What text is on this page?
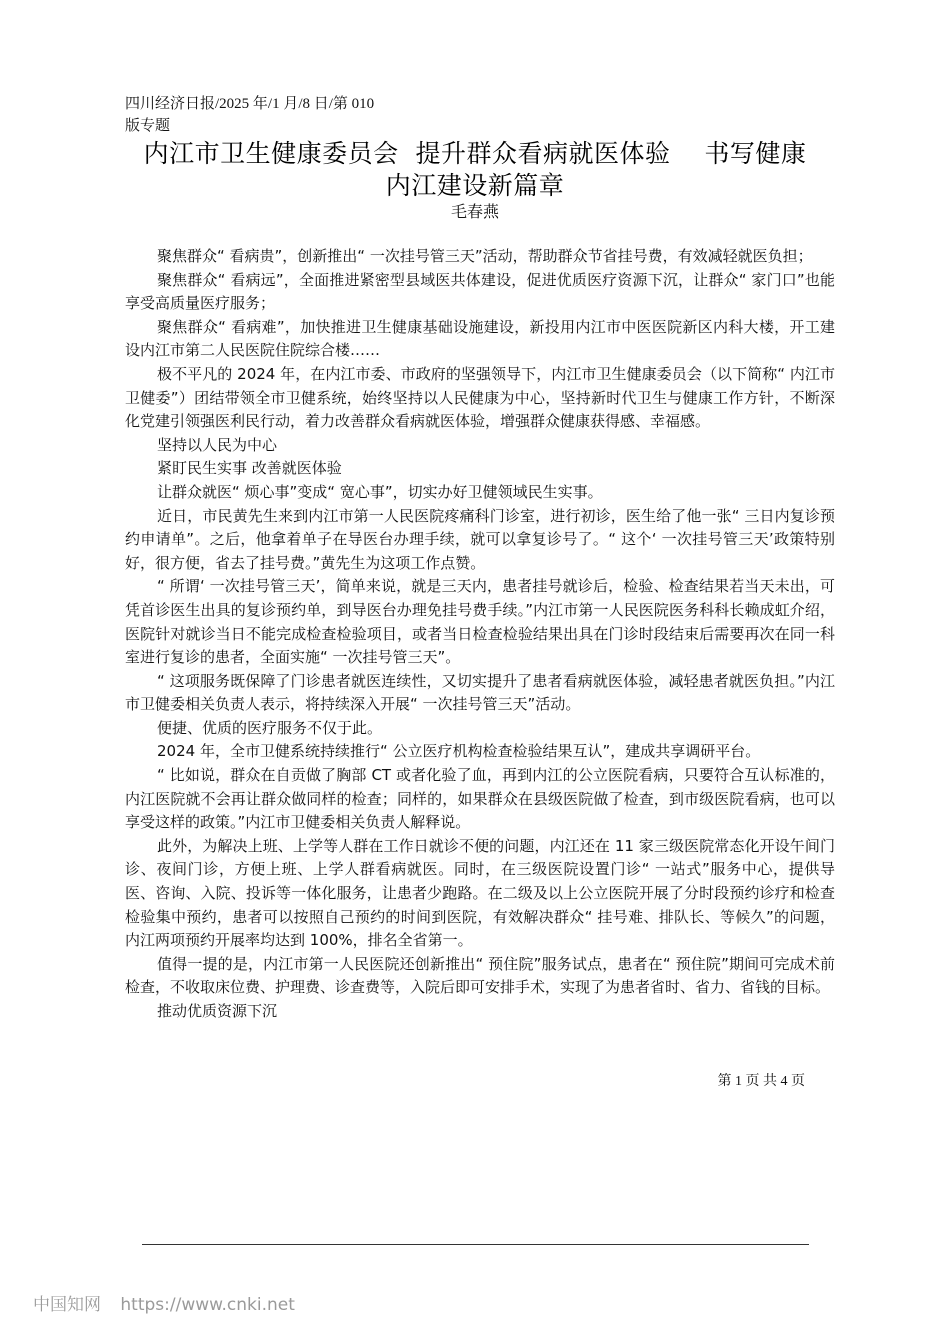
四川经济日报/2025 年/1 月/8 日/第 010
版专题
内江市卫生健康委员会  提升群众看病就医体验    书写健康
内江建设新篇章
毛春燕

聚焦群众“ 看病贵”，创新推出“ 一次挂号管三天”活动，帮助群众节省挂号费，有效减轻就医负担；

聚焦群众“ 看病远”，全面推进紧密型县域医共体建设，促进优质医疗资源下沉，让群众“ 家门口”也能享受高质量医疗服务；

聚焦群众“ 看病难”，加快推进卫生健康基础设施建设，新投用内江市中医医院新区内科大楼，开工建设内江市第二人民医院住院综合楼……

极不平凡的 2024 年，在内江市委、市政府的坚强领导下，内江市卫生健康委员会（以下简称“ 内江市卫健委”）团结带领全市卫健系统，始终坚持以人民健康为中心，坚持新时代卫生与健康工作方针，不断深化党建引领强医利民行动，着力改善群众看病就医体验，增强群众健康获得感、幸福感。

坚持以人民为中心

紧盯民生实事 改善就医体验

让群众就医“ 烦心事”变成“ 宽心事”，切实办好卫健领域民生实事。

近日，市民黄先生来到内江市第一人民医院疼痛科门诊室，进行初诊，医生给了他一张“ 三日内复诊预约申请单”。之后，他拿着单子在导医台办理手续，就可以拿复诊号了。“ 这个‘ 一次挂号管三天’政策特别好，很方便，省去了挂号费。”黄先生为这项工作点赞。

“ 所谓‘ 一次挂号管三天’，简单来说，就是三天内，患者挂号就诊后，检验、检查结果若当天未出，可凭首诊医生出具的复诊预约单，到导医台办理免挂号费手续。”内江市第一人民医院医务科科长赖成虹介绍，医院针对就诊当日不能完成检查检验项目，或者当日检查检验结果出具在门诊时段结束后需要再次在同一科室进行复诊的患者，全面实施“ 一次挂号管三天”。

“ 这项服务既保障了门诊患者就医连续性，又切实提升了患者看病就医体验，减轻患者就医负担。”内江市卫健委相关负责人表示，将持续深入开展“ 一次挂号管三天”活动。

便捷、优质的医疗服务不仅于此。

2024 年，全市卫健系统持续推行“ 公立医疗机构检查检验结果互认”，建成共享调研平台。

“ 比如说，群众在自贡做了胸部 CT 或者化验了血，再到内江的公立医院看病，只要符合互认标准的，内江医院就不会再让群众做同样的检查；同样的，如果群众在县级医院做了检查，到市级医院看病，也可以享受这样的政策。”内江市卫健委相关负责人解释说。

此外，为解决上班、上学等人群在工作日就诊不便的问题，内江还在 11 家三级医院常态化开设午间门诊、夜间门诊，方便上班、上学人群看病就医。同时，在三级医院设置门诊“ 一站式”服务中心，提供导医、咨询、入院、投诉等一体化服务，让患者少跑路。在二级及以上公立医院开展了分时段预约诊疗和检查检验集中预约，患者可以按照自己预约的时间到医院，有效解决群众“ 挂号难、排队长、等候久”的问题，内江两项预约开展率均达到 100%，排名全省第一。

值得一提的是，内江市第一人民医院还创新推出“ 预住院”服务试点，患者在“ 预住院”期间可完成术前检查，不收取床位费、护理费、诊查费等，入院后即可安排手术，实现了为患者省时、省力、省钱的目标。

推动优质资源下沉

第 1 页 共 4 页
中国知网 https://www.cnki.net
